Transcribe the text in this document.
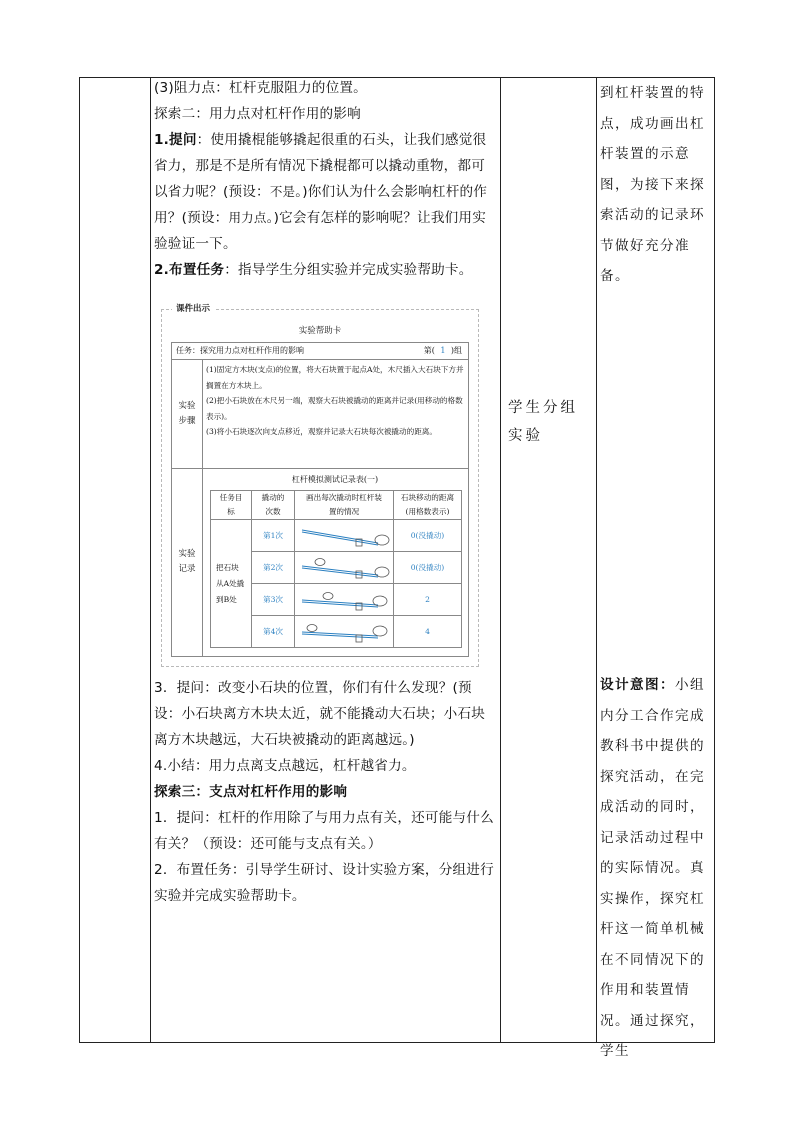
(3)阻力点：杠杆克服阻力的位置。

探索二：用力点对杠杆作用的影响

1.提问：使用撬棍能够撬起很重的石头，让我们感觉很省力，那是不是所有情况下撬棍都可以撬动重物，都可以省力呢？(预设：不是。)你们认为什么会影响杠杆的作用？(预设：用力点。)它会有怎样的影响呢？让我们用实验验证一下。

2.布置任务：指导学生分组实验并完成实验帮助卡。

3．提问：改变小石块的位置，你们有什么发现？(预设：小石块离方木块太近，就不能撬动大石块；小石块离方木块越远，大石块被撬动的距离越远。)

4.小结：用力点离支点越远，杠杆越省力。

探索三：支点对杠杆作用的影响

1．提问：杠杆的作用除了与用力点有关，还可能与什么有关？（预设：还可能与支点有关。）

2．布置任务：引导学生研讨、设计实验方案，分组进行实验并完成实验帮助卡。

课件出示
实验帮助卡
任务：探究用力点对杠杆作用的影响	第( 1 )组
实验步骤
(1)固定方木块(支点)的位置，将大石块置于起点A处，木尺插入大石块下方并搁置在方木块上。
(2)把小石块放在木尺另一端，观察大石块被撬动的距离并记录(用移动的格数表示)。
(3)将小石块逐次向支点移近，观察并记录大石块每次被撬动的距离。
实验记录
杠杆模拟测试记录表(一)
任务目标	撬动的次数	画出每次撬动时杠杆装置的情况	石块移动的距离(用格数表示)
把石块从A处撬到B处	第1次		0(没撬动)
	第2次		0(没撬动)
	第3次		2
	第4次		4
学生分组实验
到杠杆装置的特点，成功画出杠杆装置的示意图，为接下来探索活动的记录环节做好充分准备。
设计意图：小组内分工合作完成教科书中提供的探究活动，在完成活动的同时，记录活动过程中的实际情况。真实操作，探究杠杆这一简单机械在不同情况下的作用和装置情况。通过探究，学生
